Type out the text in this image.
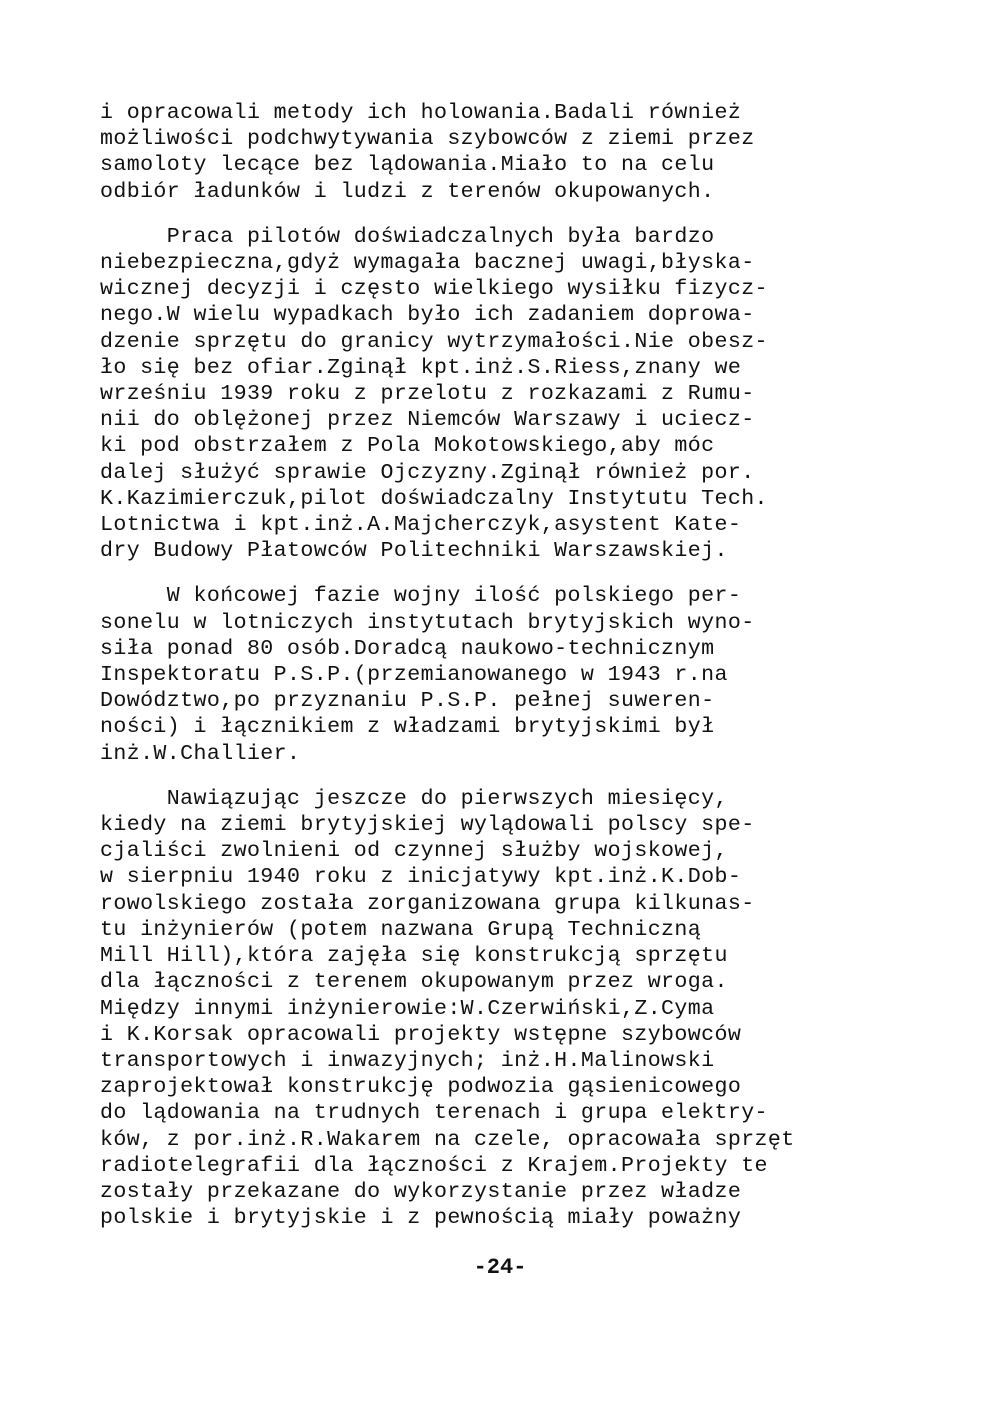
i opracowali metody ich holowania.Badali również
możliwości podchwytywania szybowców z ziemi przez
samoloty lecące bez lądowania.Miało to na celu
odbiór ładunków i ludzi z terenów okupowanych.
Praca pilotów doświadczalnych była bardzo
niebezpieczna,gdyż wymagała bacznej uwagi,błyska-
wicznej decyzji i często wielkiego wysiłku fizycz-
nego.W wielu wypadkach było ich zadaniem doprowa-
dzenie sprzętu do granicy wytrzymałości.Nie obesz-
ło się bez ofiar.Zginął kpt.inż.S.Riess,znany we
wrześniu 1939 roku z przelotu z rozkazami z Rumu-
nii do oblężonej przez Niemców Warszawy i uciecz-
ki pod obstrzałem z Pola Mokotowskiego,aby móc
dalej służyć sprawie Ojczyzny.Zginął również por.
K.Kazimierczuk,pilot doświadczalny Instytutu Tech.
Lotnictwa i kpt.inż.A.Majcherczyk,asystent Kate-
dry Budowy Płatowców Politechniki Warszawskiej.
W końcowej fazie wojny ilość polskiego per-
sonelu w lotniczych instytutach brytyjskich wyno-
siła ponad 80 osób.Doradcą naukowo-technicznym
Inspektoratu P.S.P.(przemianowanego w 1943 r.na
Dowództwo,po przyznaniu P.S.P. pełnej suweren-
ności) i łącznikiem z władzami brytyjskimi był
inż.W.Challier.
Nawiązując jeszcze do pierwszych miesięcy,
kiedy na ziemi brytyjskiej wylądowali polscy spe-
cjaliści zwolnieni od czynnej służby wojskowej,
w sierpniu 1940 roku z inicjatywy kpt.inż.K.Dob-
rowolskiego została zorganizowana grupa kilkunas-
tu inżynierów (potem nazwana Grupą Techniczną
Mill Hill),która zajęła się konstrukcją sprzętu
dla łączności z terenem okupowanym przez wroga.
Między innymi inżynierowie:W.Czerwiński,Z.Cyma
i K.Korsak opracowali projekty wstępne szybowców
transportowych i inwazyjnych; inż.H.Malinowski
zaprojektował konstrukcję podwozia gąsienicowego
do lądowania na trudnych terenach i grupa elektry-
ków, z por.inż.R.Wakarem na czele, opracowała sprzęt
radiotelegrafii dla łączności z Krajem.Projekty te
zostały przekazane do wykorzystanie przez władze
polskie i brytyjskie i z pewnością miały poważny
-24-
